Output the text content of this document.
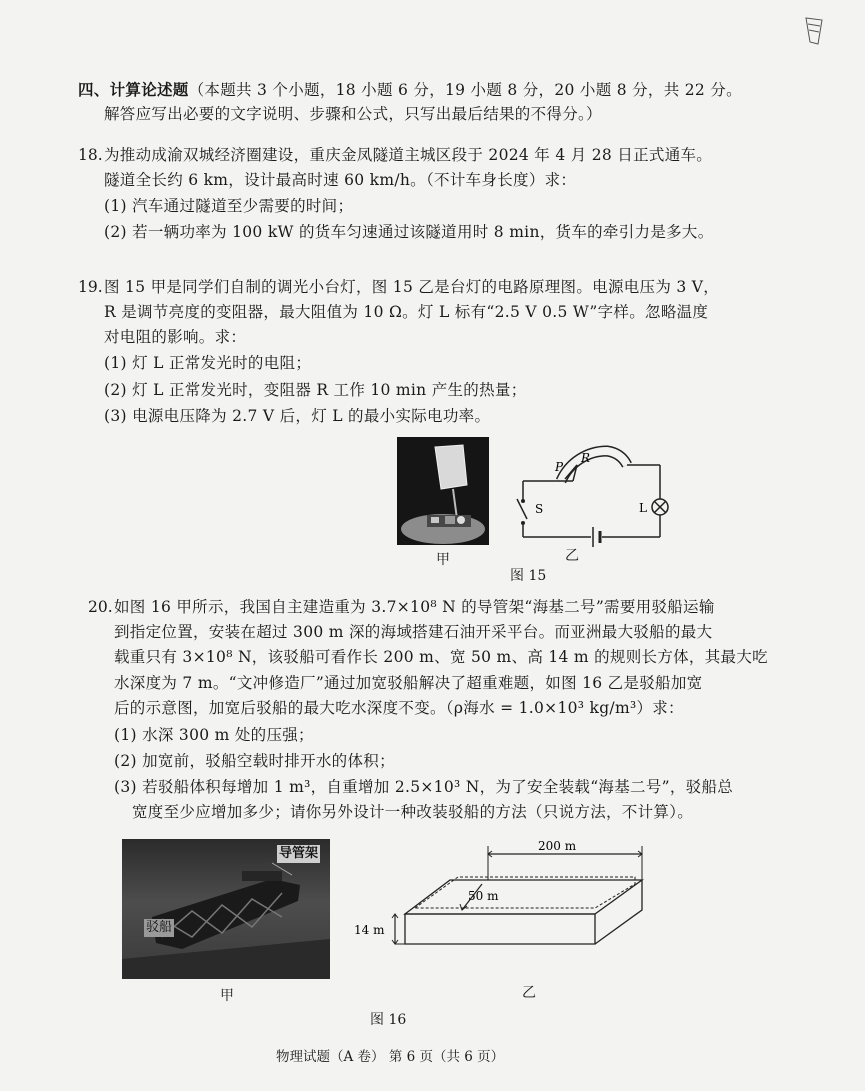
四、计算论述题（本题共 3 个小题，18 小题 6 分，19 小题 8 分，20 小题 8 分，共 22 分。
解答应写出必要的文字说明、步骤和公式，只写出最后结果的不得分。）
18. 为推动成渝双城经济圈建设，重庆金凤隧道主城区段于 2024 年 4 月 28 日正式通车。
隧道全长约 6 km，设计最高时速 60 km/h。（不计车身长度）求：
(1) 汽车通过隧道至少需要的时间；
(2) 若一辆功率为 100 kW 的货车匀速通过该隧道用时 8 min，货车的牵引力是多大。
19. 图 15 甲是同学们自制的调光小台灯，图 15 乙是台灯的电路原理图。电源电压为 3 V，
R 是调节亮度的变阻器，最大阻值为 10 Ω。灯 L 标有“2.5 V 0.5 W”字样。忽略温度
对电阻的影响。求：
(1) 灯 L 正常发光时的电阻；
(2) 灯 L 正常发光时，变阻器 R 工作 10 min 产生的热量；
(3) 电源电压降为 2.7 V 后，灯 L 的最小实际电功率。
甲
P
R
S	L
乙
图 15
20. 如图 16 甲所示，我国自主建造重为 3.7×10⁸ N 的导管架“海基二号”需要用驳船运输
到指定位置，安装在超过 300 m 深的海域搭建石油开采平台。而亚洲最大驳船的最大
载重只有 3×10⁸ N，该驳船可看作长 200 m、宽 50 m、高 14 m 的规则长方体，其最大吃
水深度为 7 m。“文冲修造厂”通过加宽驳船解决了超重难题，如图 16 乙是驳船加宽
后的示意图，加宽后驳船的最大吃水深度不变。（ρ海水 = 1.0×10³ kg/m³）求：
(1) 水深 300 m 处的压强；
(2) 加宽前，驳船空载时排开水的体积；
(3) 若驳船体积每增加 1 m³，自重增加 2.5×10³ N，为了安全装载“海基二号”，驳船总
宽度至少应增加多少；请你另外设计一种改装驳船的方法（只说方法，不计算）。
导管架
驳船
甲
200 m
50 m
14 m
乙
图 16
物理试题（A 卷） 第 6 页（共 6 页）
